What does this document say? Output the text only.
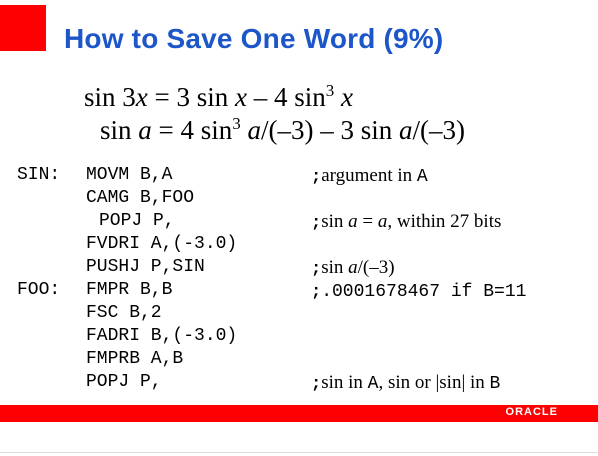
How to Save One Word (9%)
sin 3x = 3 sin x – 4 $\sin^3 x$
sin a = 4 $\sin^3 a/(-3) - 3$ sin a/(–3)
SIN: MOVM B,A	;argument in A
CAMG B,FOO
POPJ P,	;sin a = a, within 27 bits
FVDRI A,(-3.0)
PUSHJ P,SIN	;sin a/(–3)
FOO: FMPR B,B	;.0001678467 if B=11
FSC B,2
FADRI B,(-3.0)
FMPRB A,B
POPJ P,	;sin in A, sin or |sin| in B
ORACLE
